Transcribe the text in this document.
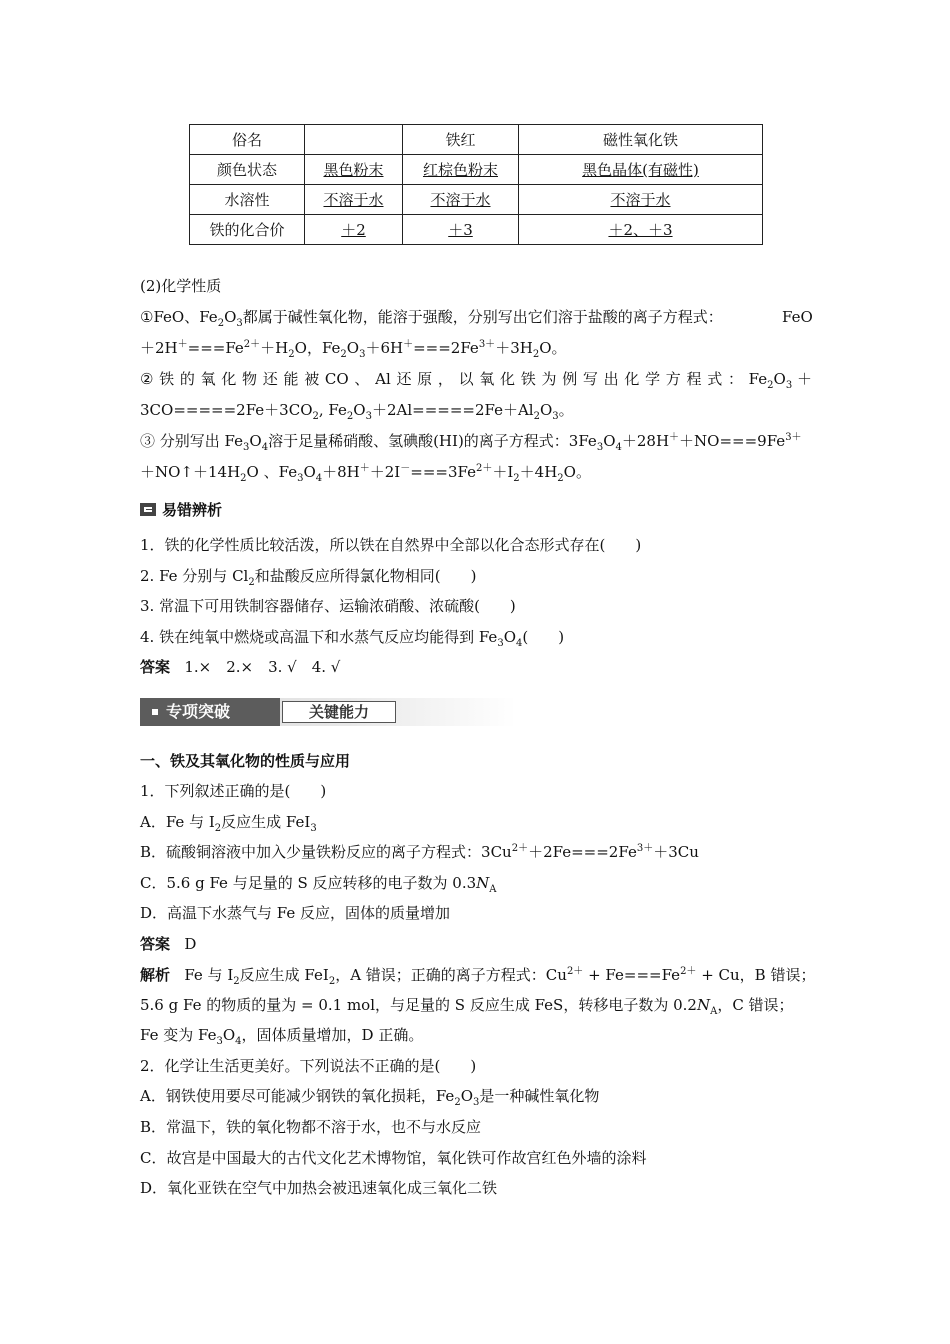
俗名		铁红	磁性氧化铁
颜色状态	黑色粉末	红棕色粉末	黑色晶体(有磁性)
水溶性	不溶于水	不溶于水	不溶于水
铁的化合价	＋2	＋3	＋2、＋3
(2)化学性质
①FeO、$Fe_2O_3$都属于碱性氧化物，能溶于强酸，分别写出它们溶于盐酸的离子方程式：	FeO
$+2H^+===Fe^{2+}+H_2O$，$Fe_2O_3+6H^+===2Fe^{3+}+3H_2O$。
② 铁 的 氧 化 物 还 能 被 CO 、 Al 还 原 ， 以 氧 化 铁 为 例 写 出 化 学 方 程 式 ： $Fe_2O_3$ ＋
$3CO=====2Fe+3CO_2$, $Fe_2O_3+2Al=====2Fe+Al_2O_3$。
③ 分别写出 $Fe_3O_4$溶于足量稀硝酸、氢碘酸(HI)的离子方程式：$3Fe_3O_4+28H^++NO===9Fe^{3+}$
$+NO↑+14H_2O$ 、$Fe_3O_4+8H^++2I^-===3Fe^{2+}+I_2+4H_2O$。
易错辨析
1．铁的化学性质比较活泼，所以铁在自然界中全部以化合态形式存在(　　)
2. Fe 分别与 $Cl_2$和盐酸反应所得氯化物相同(　　)
3. 常温下可用铁制容器储存、运输浓硝酸、浓硫酸(　　)
4. 铁在纯氧中燃烧或高温下和水蒸气反应均能得到 $Fe_3O_4$(　　)
答案 1.×　2.×　3. √　4. √
专项突破	关键能力
一、铁及其氧化物的性质与应用
1．下列叙述正确的是(　　)
A．Fe 与 $I_2$反应生成 FeI$_3$
B．硫酸铜溶液中加入少量铁粉反应的离子方程式：$3Cu^{2+}+2Fe===2Fe^{3+}+3Cu$
C．5.6 g Fe 与足量的 S 反应转移的电子数为 $0.3N_A$
D．高温下水蒸气与 Fe 反应，固体的质量增加
答案 D
解析 Fe 与 $I_2$反应生成 FeI$_2$，A 错误；正确的离子方程式：$Cu^{2+} + Fe===Fe^{2+} + Cu$，B 错误；
5.6 g Fe 的物质的量为 = 0.1 mol，与足量的 S 反应生成 FeS，转移电子数为 $0.2N_A$，C 错误；
Fe 变为 $Fe_3O_4$，固体质量增加，D 正确。
2．化学让生活更美好。下列说法不正确的是(　　)
A．钢铁使用要尽可能减少钢铁的氧化损耗，$Fe_2O_3$是一种碱性氧化物
B．常温下，铁的氧化物都不溶于水，也不与水反应
C．故宫是中国最大的古代文化艺术博物馆，氧化铁可作故宫红色外墙的涂料
D．氧化亚铁在空气中加热会被迅速氧化成三氧化二铁
